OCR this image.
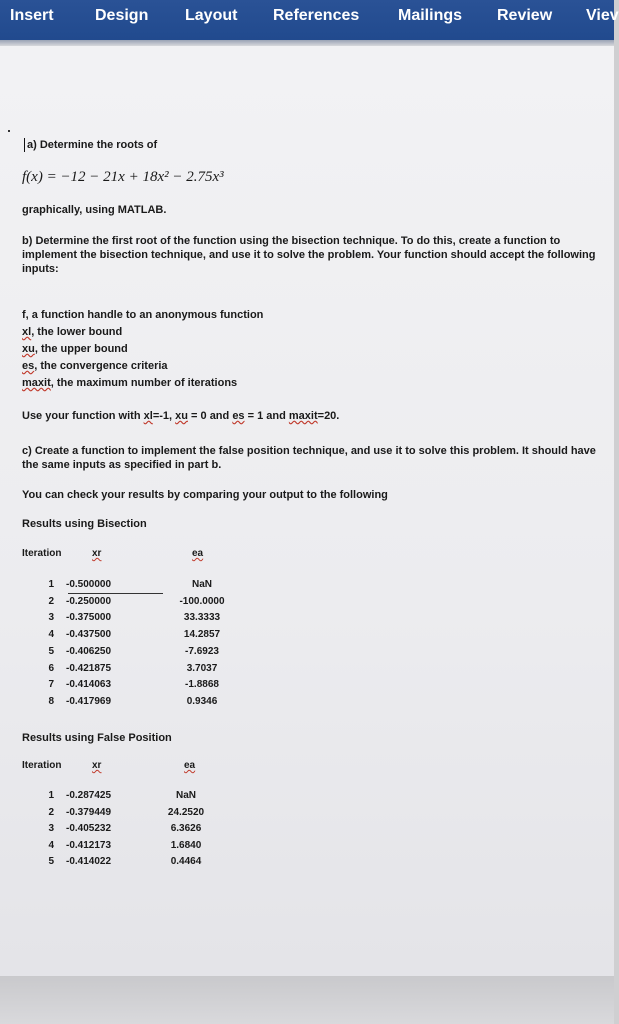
Insert	Design Layout References Mailings Review Viev
a) Determine the roots of
f(x) = −12 − 21x + 18x² − 2.75x³
graphically, using MATLAB.
b) Determine the first root of the function using the bisection technique. To do this, create a function to implement the bisection technique, and use it to solve the problem. Your function should accept the following inputs:
f, a function handle to an anonymous function
xl, the lower bound
xu, the upper bound
es, the convergence criteria
maxit, the maximum number of iterations
Use your function with xl=-1, xu = 0 and es = 1 and maxit=20.
c) Create a function to implement the false position technique, and use it to solve this problem. It should have the same inputs as specified in part b.
You can check your results by comparing your output to the following
Results using Bisection
Iteration	xr	ea
1 -0.500000	NaN
2 -0.250000	-100.0000
3 -0.375000	33.3333
4 -0.437500	14.2857
5 -0.406250	-7.6923
6 -0.421875	3.7037
7 -0.414063	-1.8868
8 -0.417969	0.9346
Results using False Position
Iteration	xr	ea
1 -0.287425	NaN
2 -0.379449	24.2520
3 -0.405232	6.3626
4 -0.412173	1.6840
5 -0.414022	0.4464
